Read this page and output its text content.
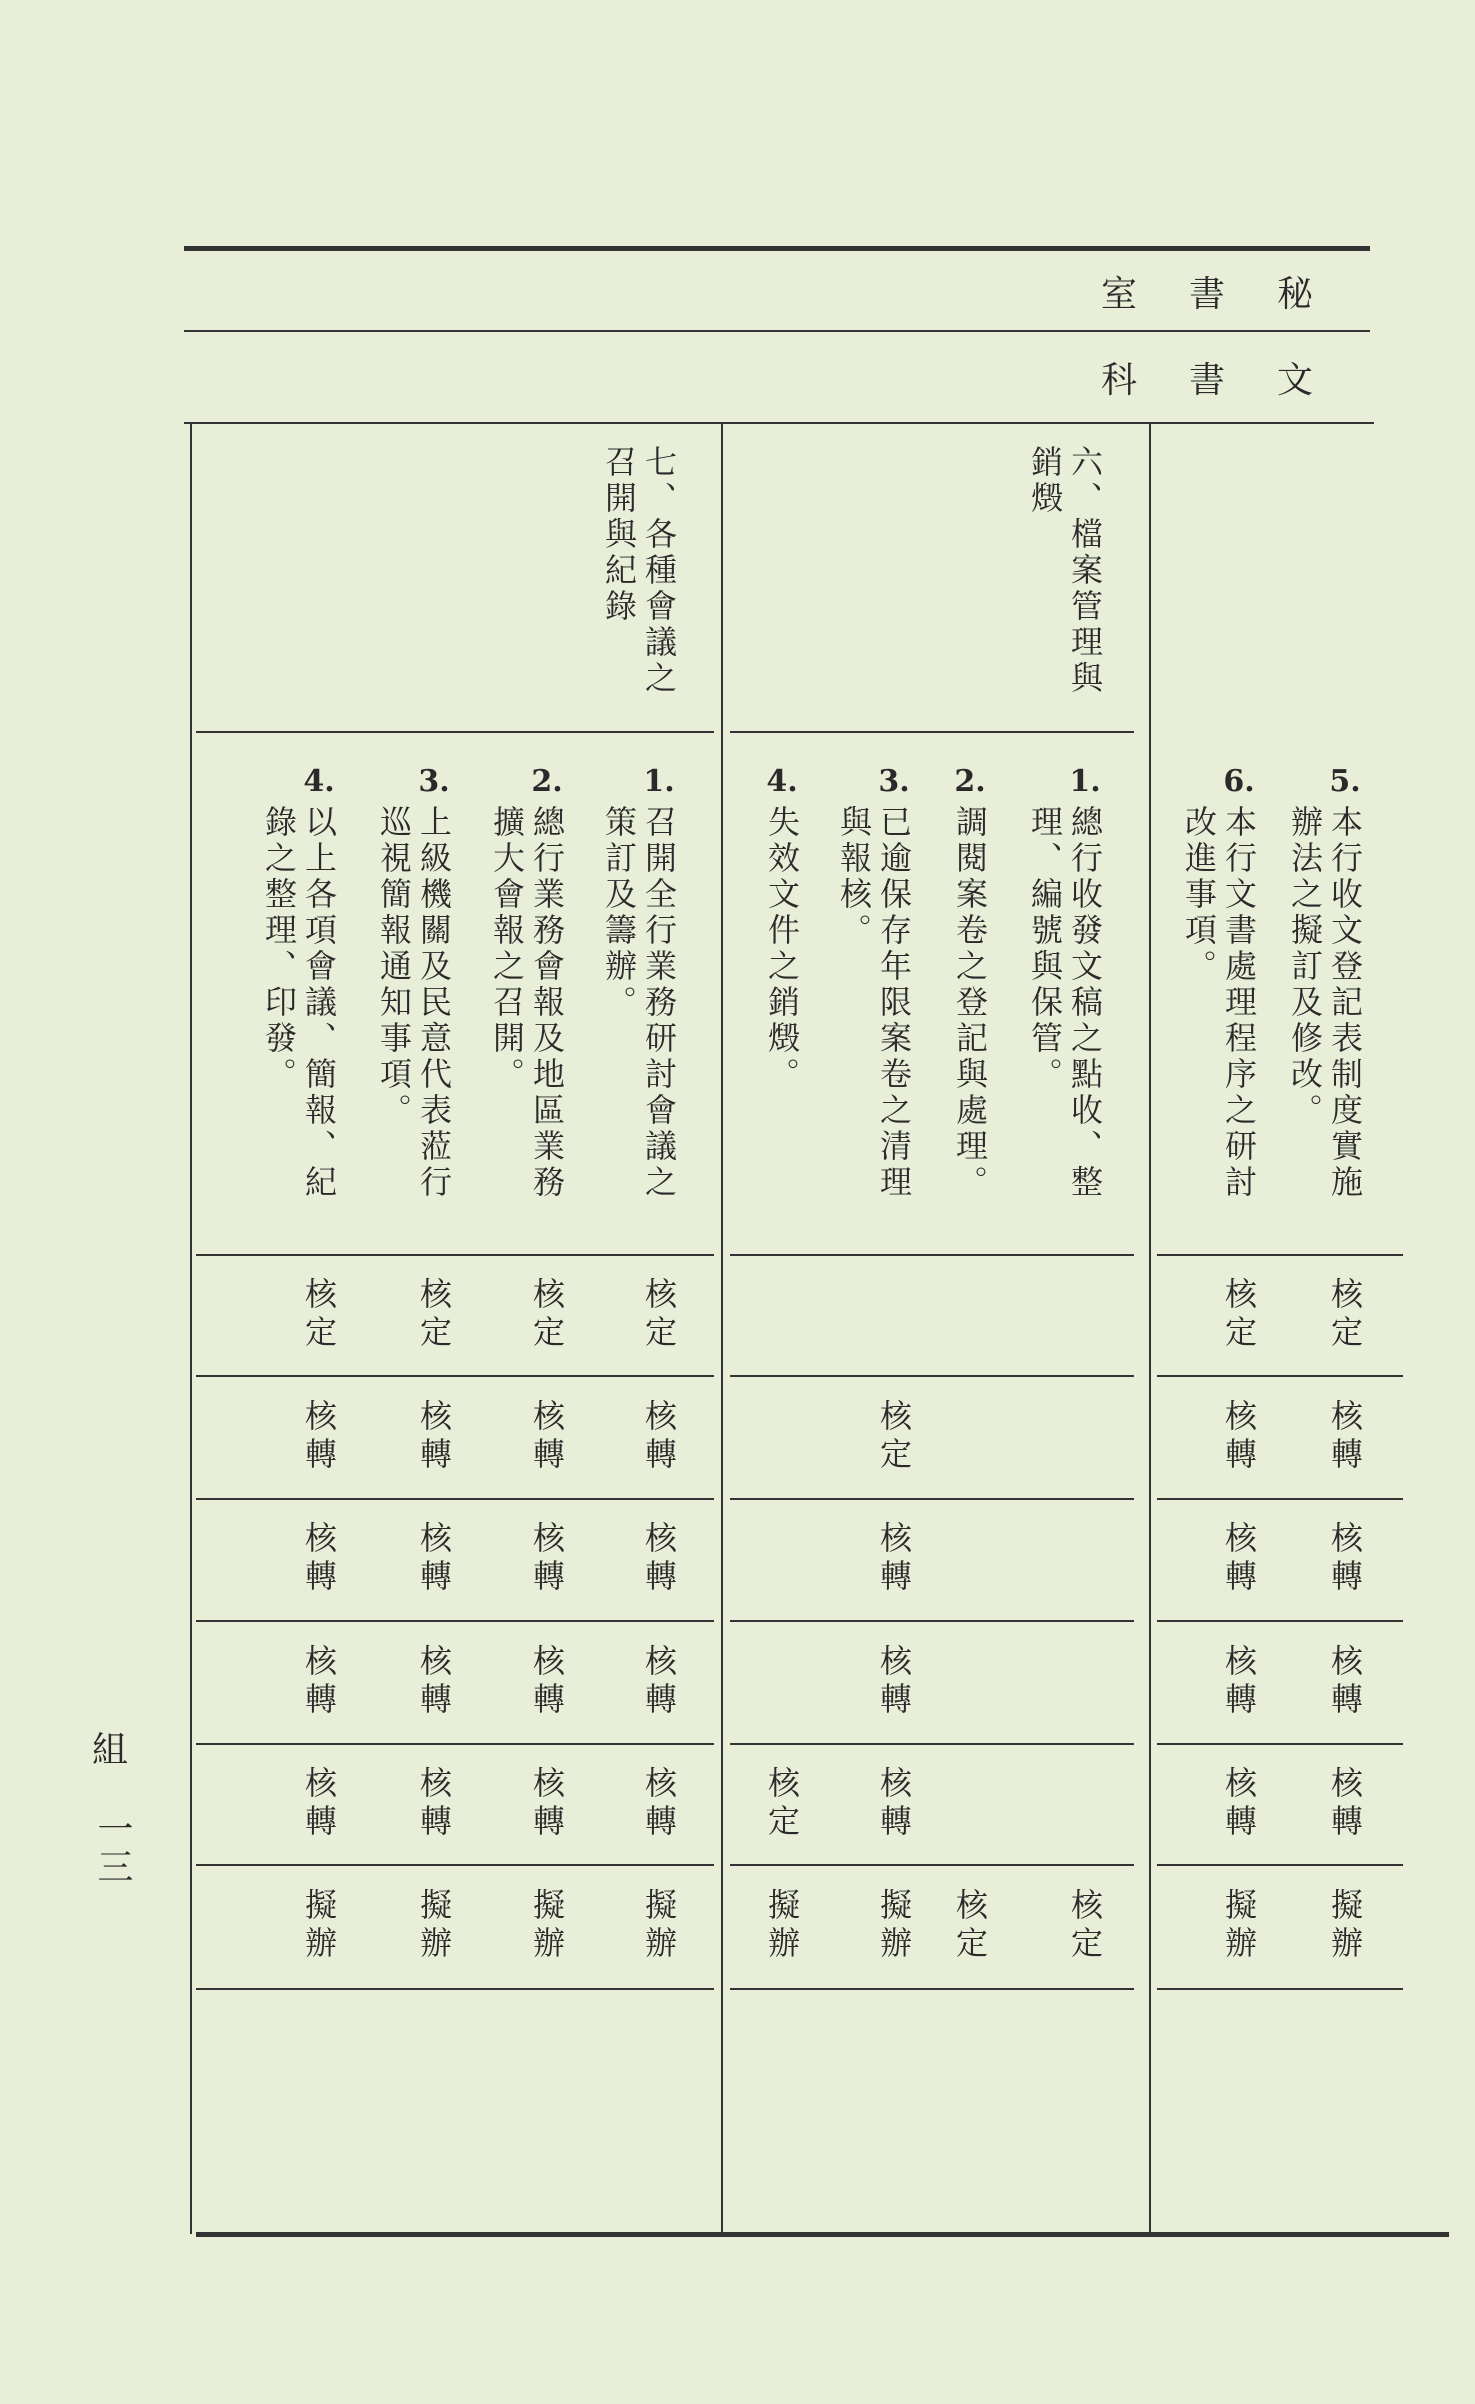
秘書室
文書科
六、檔案管理與銷燬
七、各種會議之召開與紀錄
1.
總行收發文稿之點收、整理、編號與保管。
核定
2.
調閱案卷之登記與處理。
核定
3.
已逾保存年限案卷之清理與報核。
核定
核轉
核轉
核轉
擬辦
4.
失效文件之銷燬。
核定
擬辦
1.
召開全行業務研討會議之策訂及籌辦。
核定
核轉
核轉
核轉
核轉
擬辦
2.
總行業務會報及地區業務擴大會報之召開。
核定
核轉
核轉
核轉
核轉
擬辦
3.
上級機關及民意代表蒞行巡視簡報通知事項。
核定
核轉
核轉
核轉
核轉
擬辦
4.
以上各項會議、簡報、紀錄之整理、印發。
核定
核轉
核轉
核轉
核轉
擬辦
5.
本行收文登記表制度實施辦法之擬訂及修改。
核定
核轉
核轉
核轉
核轉
擬辦
6.
本行文書處理程序之研討改進事項。
核定
核轉
核轉
核轉
核轉
擬辦
組
一三
